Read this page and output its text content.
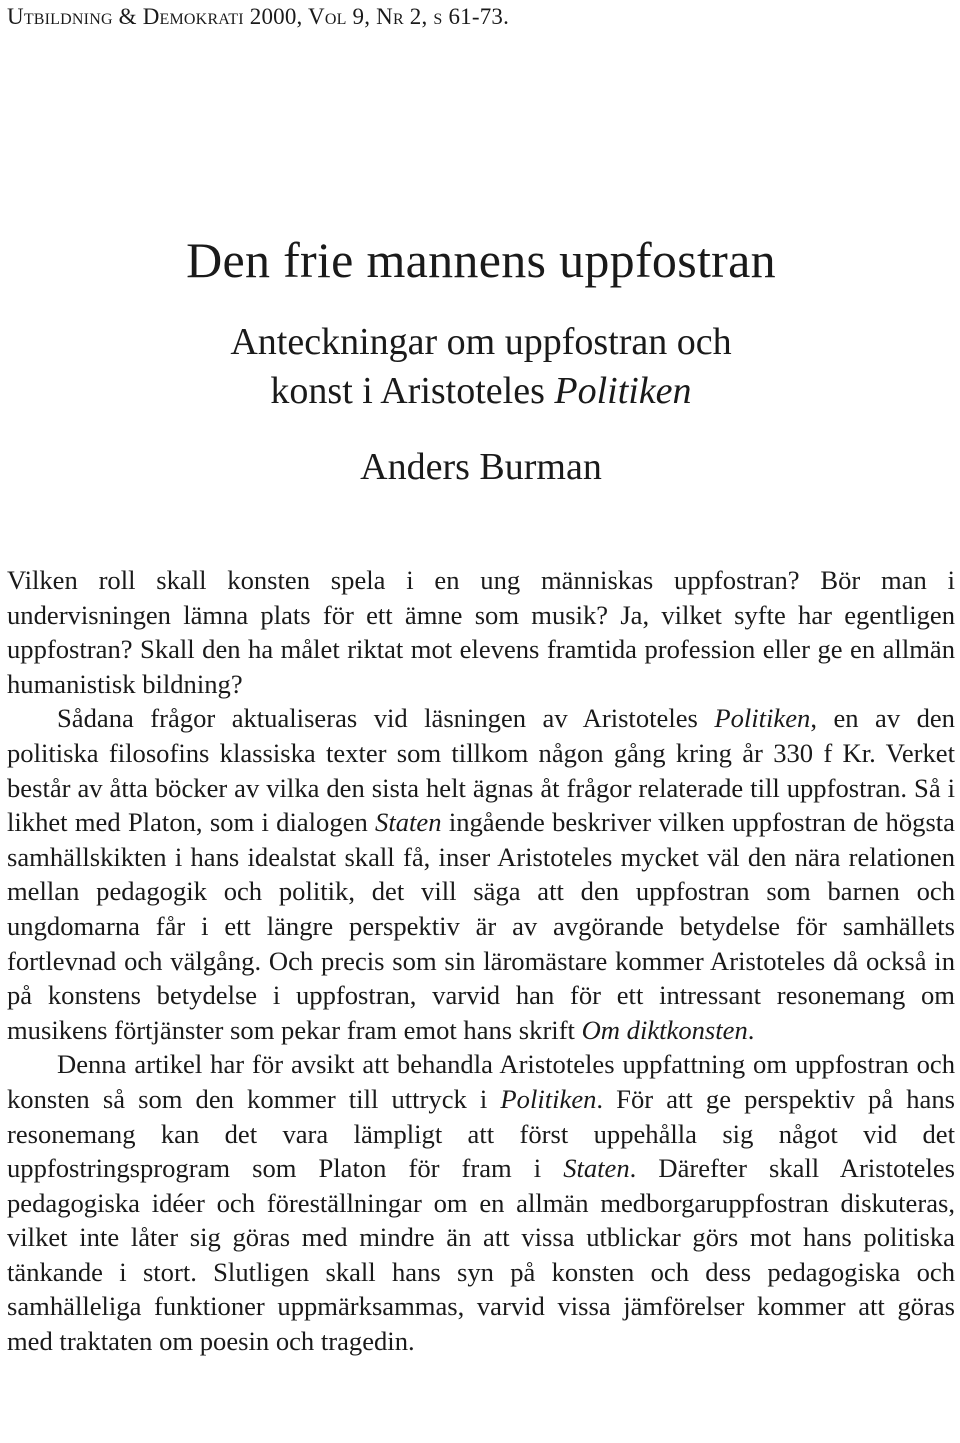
Utbildning & Demokrati 2000, Vol 9, Nr 2, s 61-73.
Den frie mannens uppfostran
Anteckningar om uppfostran och
konst i Aristoteles Politiken
Anders Burman

Vilken roll skall konsten spela i en ung människas uppfostran? Bör man i undervisningen lämna plats för ett ämne som musik? Ja, vilket syfte har egentligen uppfostran? Skall den ha målet riktat mot elevens framtida profession eller ge en allmän humanistisk bildning?

Sådana frågor aktualiseras vid läsningen av Aristoteles Politiken, en av den politiska filosofins klassiska texter som tillkom någon gång kring år 330 f Kr. Verket består av åtta böcker av vilka den sista helt ägnas åt frågor relaterade till uppfostran. Så i likhet med Platon, som i dialogen Staten ingående beskriver vilken uppfostran de högsta samhällskikten i hans idealstat skall få, inser Aristoteles mycket väl den nära relationen mellan pedagogik och politik, det vill säga att den uppfostran som barnen och ungdomarna får i ett längre perspektiv är av avgörande betydelse för samhällets fortlevnad och välgång. Och precis som sin läromästare kommer Aristoteles då också in på konstens betydelse i uppfostran, varvid han för ett intressant resonemang om musikens förtjänster som pekar fram emot hans skrift Om diktkonsten.

Denna artikel har för avsikt att behandla Aristoteles uppfattning om uppfostran och konsten så som den kommer till uttryck i Politiken. För att ge perspektiv på hans resonemang kan det vara lämpligt att först uppehålla sig något vid det uppfostringsprogram som Platon för fram i Staten. Därefter skall Aristoteles pedagogiska idéer och föreställningar om en allmän medborgaruppfostran diskuteras, vilket inte låter sig göras med mindre än att vissa utblickar görs mot hans politiska tänkande i stort. Slutligen skall hans syn på konsten och dess pedagogiska och samhälleliga funktioner uppmärksammas, varvid vissa jämförelser kommer att göras med traktaten om poesin och tragedin.
